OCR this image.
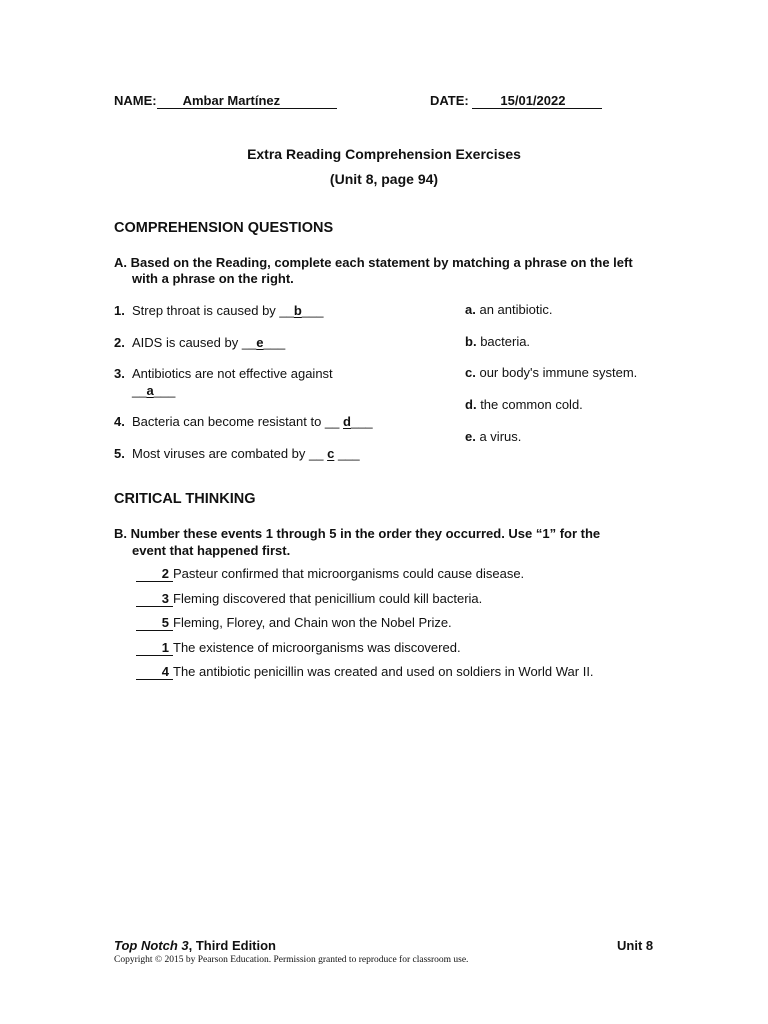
NAME: Ambar Martínez	DATE: 15/01/2022
Extra Reading Comprehension Exercises
(Unit 8, page 94)
COMPREHENSION QUESTIONS
A. Based on the Reading, complete each statement by matching a phrase on the left
with a phrase on the right.
1. Strep throat is caused by __b___
2. AIDS is caused by __e___
3. Antibiotics are not effective against
__a___
4. Bacteria can become resistant to __ d___
5. Most viruses are combated by __ c ___
a. an antibiotic.
b. bacteria.
c. our body's immune system.
d. the common cold.
e. a virus.
CRITICAL THINKING
B. Number these events 1 through 5 in the order they occurred. Use “1” for the
event that happened first.
2 Pasteur confirmed that microorganisms could cause disease.
3 Fleming discovered that penicillium could kill bacteria.
5 Fleming, Florey, and Chain won the Nobel Prize.
1 The existence of microorganisms was discovered.
4 The antibiotic penicillin was created and used on soldiers in World War II.
Top Notch 3, Third Edition	Unit 8
Copyright © 2015 by Pearson Education. Permission granted to reproduce for classroom use.
